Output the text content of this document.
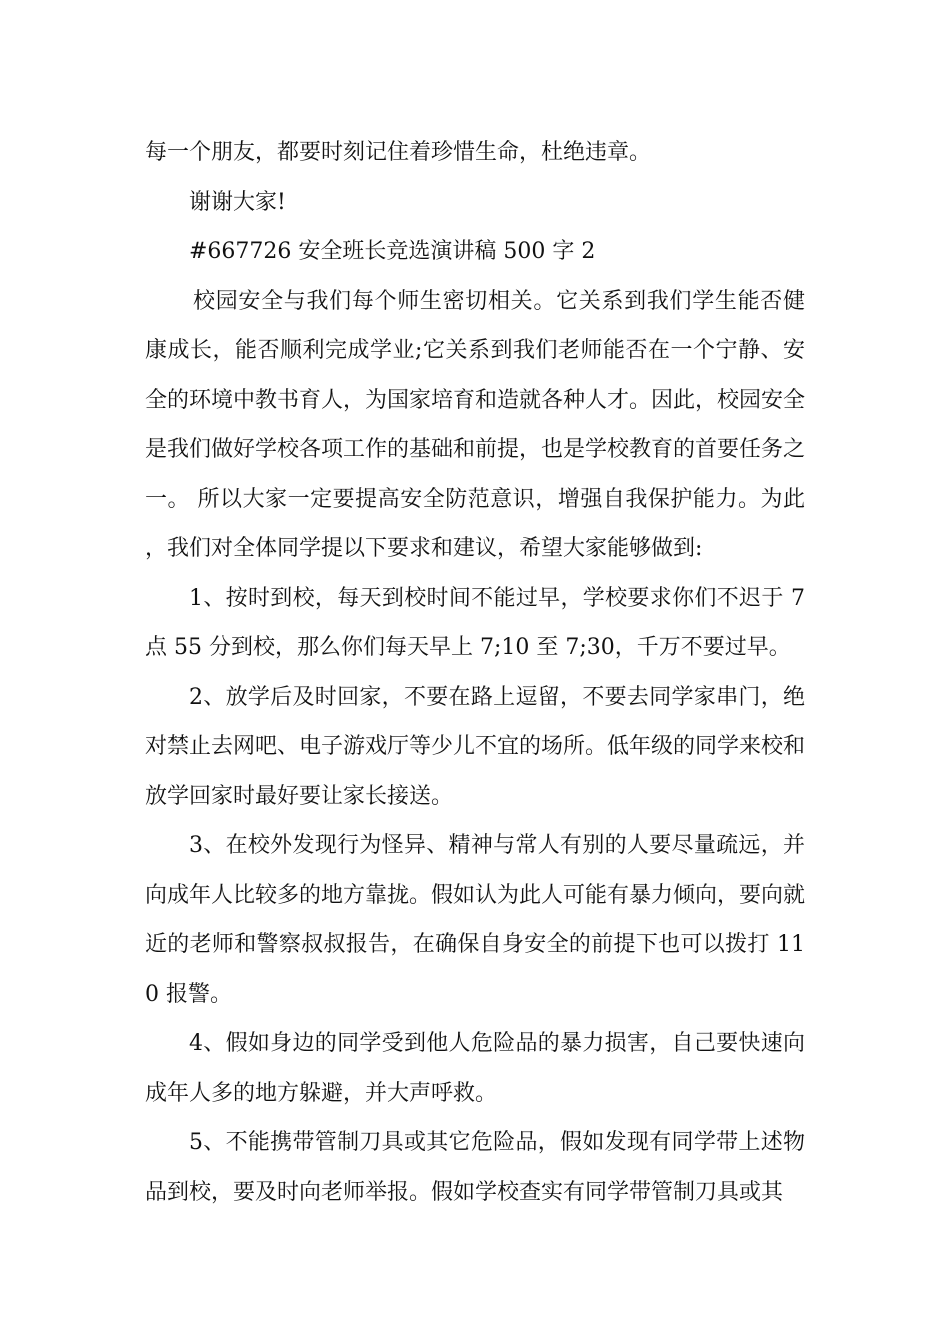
每一个朋友，都要时刻记住着珍惜生命，杜绝违章。

谢谢大家!

#667726 安全班长竞选演讲稿 500 字 2

校园安全与我们每个师生密切相关。它关系到我们学生能否健康成长，能否顺利完成学业;它关系到我们老师能否在一个宁静、安全的环境中教书育人，为国家培育和造就各种人才。因此，校园安全是我们做好学校各项工作的基础和前提，也是学校教育的首要任务之一。 所以大家一定要提高安全防范意识，增强自我保护能力。为此，我们对全体同学提以下要求和建议，希望大家能够做到:

1、按时到校，每天到校时间不能过早，学校要求你们不迟于 7 点 55 分到校，那么你们每天早上 7;10 至 7;30，千万不要过早。

2、放学后及时回家，不要在路上逗留，不要去同学家串门，绝对禁止去网吧、电子游戏厅等少儿不宜的场所。低年级的同学来校和放学回家时最好要让家长接送。

3、在校外发现行为怪异、精神与常人有别的人要尽量疏远，并向成年人比较多的地方靠拢。假如认为此人可能有暴力倾向，要向就近的老师和警察叔叔报告，在确保自身安全的前提下也可以拨打 110 报警。

4、假如身边的同学受到他人危险品的暴力损害，自己要快速向成年人多的地方躲避，并大声呼救。

5、不能携带管制刀具或其它危险品，假如发现有同学带上述物品到校，要及时向老师举报。假如学校查实有同学带管制刀具或其
